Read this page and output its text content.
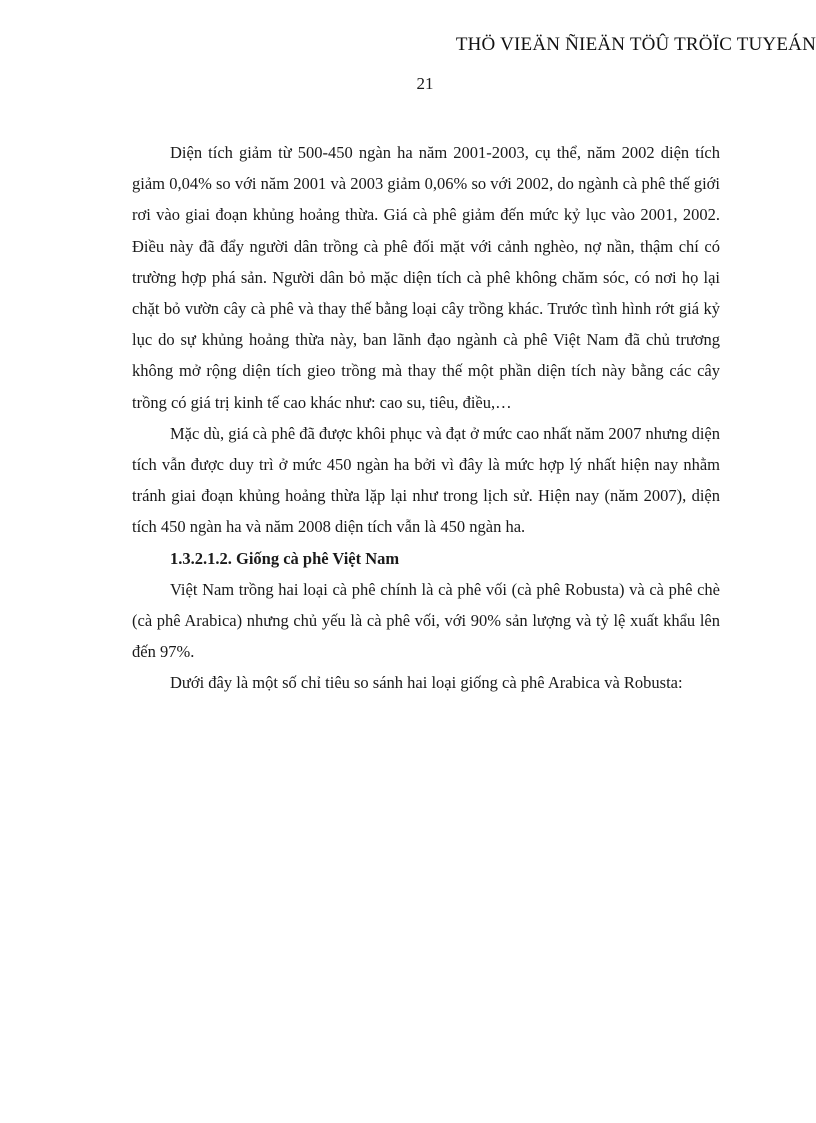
THÖ VIEÄN ÑIEÄN TÖÛ TRÖÏC TUYEÁN
21

Diện tích giảm từ 500-450 ngàn ha năm 2001-2003, cụ thể, năm 2002 diện tích giảm 0,04% so với năm 2001 và 2003 giảm 0,06% so với 2002, do ngành cà phê thế giới rơi vào giai đoạn khủng hoảng thừa. Giá cà phê giảm đến mức kỷ lục vào 2001, 2002. Điều này đã đẩy người dân trồng cà phê đối mặt với cảnh nghèo, nợ nần, thậm chí có trường hợp phá sản. Người dân bỏ mặc diện tích cà phê không chăm sóc, có nơi họ lại chặt bỏ vườn cây cà phê và thay thế bằng loại cây trồng khác. Trước tình hình rớt giá kỷ lục do sự khủng hoảng thừa này, ban lãnh đạo ngành cà phê Việt Nam đã chủ trương không mở rộng diện tích gieo trồng mà thay thế một phần diện tích này bằng các cây trồng có giá trị kinh tế cao khác như: cao su, tiêu, điều,…

Mặc dù, giá cà phê đã được khôi phục và đạt ở mức cao nhất năm 2007 nhưng diện tích vẫn được duy trì ở mức 450 ngàn ha bởi vì đây là mức hợp lý nhất hiện nay nhằm tránh giai đoạn khủng hoảng thừa lặp lại như trong lịch sử. Hiện nay (năm 2007), diện tích 450 ngàn ha và năm 2008 diện tích vẫn là 450 ngàn ha.

1.3.2.1.2. Giống cà phê Việt Nam

Việt Nam trồng hai loại cà phê chính là cà phê vối (cà phê Robusta) và cà phê chè (cà phê Arabica) nhưng chủ yếu là cà phê vối, với 90% sản lượng và tỷ lệ xuất khẩu lên đến 97%.

Dưới đây là một số chỉ tiêu so sánh hai loại giống cà phê Arabica và Robusta:
